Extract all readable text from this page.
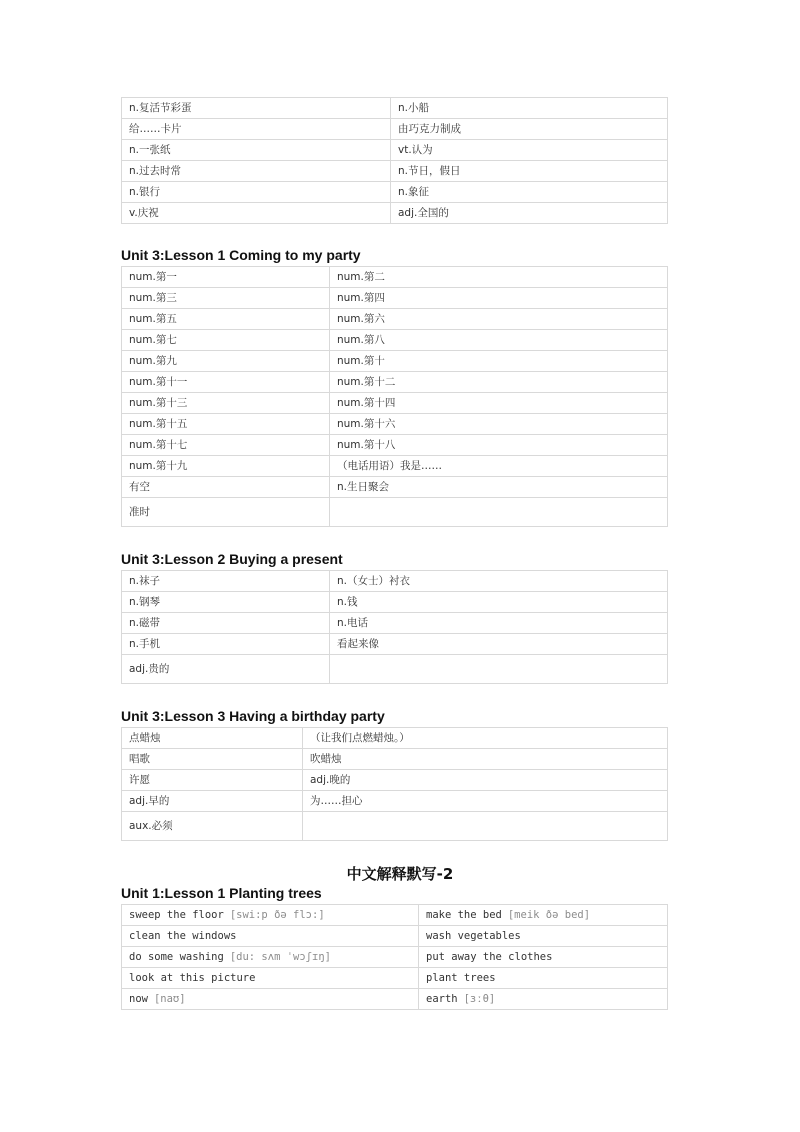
n.复活节彩蛋	n.小船
给……卡片	由巧克力制成
n.一张纸	vt.认为
n.过去时常	n.节日，假日
n.银行	n.象征
v.庆祝	adj.全国的
Unit 3:Lesson 1 Coming to my party
num.第一	num.第二
num.第三	num.第四
num.第五	num.第六
num.第七	num.第八
num.第九	num.第十
num.第十一	num.第十二
num.第十三	num.第十四
num.第十五	num.第十六
num.第十七	num.第十八
num.第十九	（电话用语）我是……
有空	n.生日聚会
准时	
Unit 3:Lesson 2 Buying a present
n.袜子	n.（女士）衬衣
n.钢琴	n.钱
n.磁带	n.电话
n.手机	看起来像
adj.贵的	
Unit 3:Lesson 3 Having a birthday party
点蜡烛	（让我们点燃蜡烛。）
唱歌	吹蜡烛
许愿	adj.晚的
adj.早的	为……担心
aux.必须	
中文解释默写-2
Unit 1:Lesson 1 Planting trees
sweep the floor [swi:p ðə flɔ:]	make the bed [meik ðə bed]
clean the windows	wash vegetables
do some washing [du: sʌm ˈwɔʃɪŋ]	put away the clothes
look at this picture	plant trees
now [naʊ]	earth [ɜːθ]
